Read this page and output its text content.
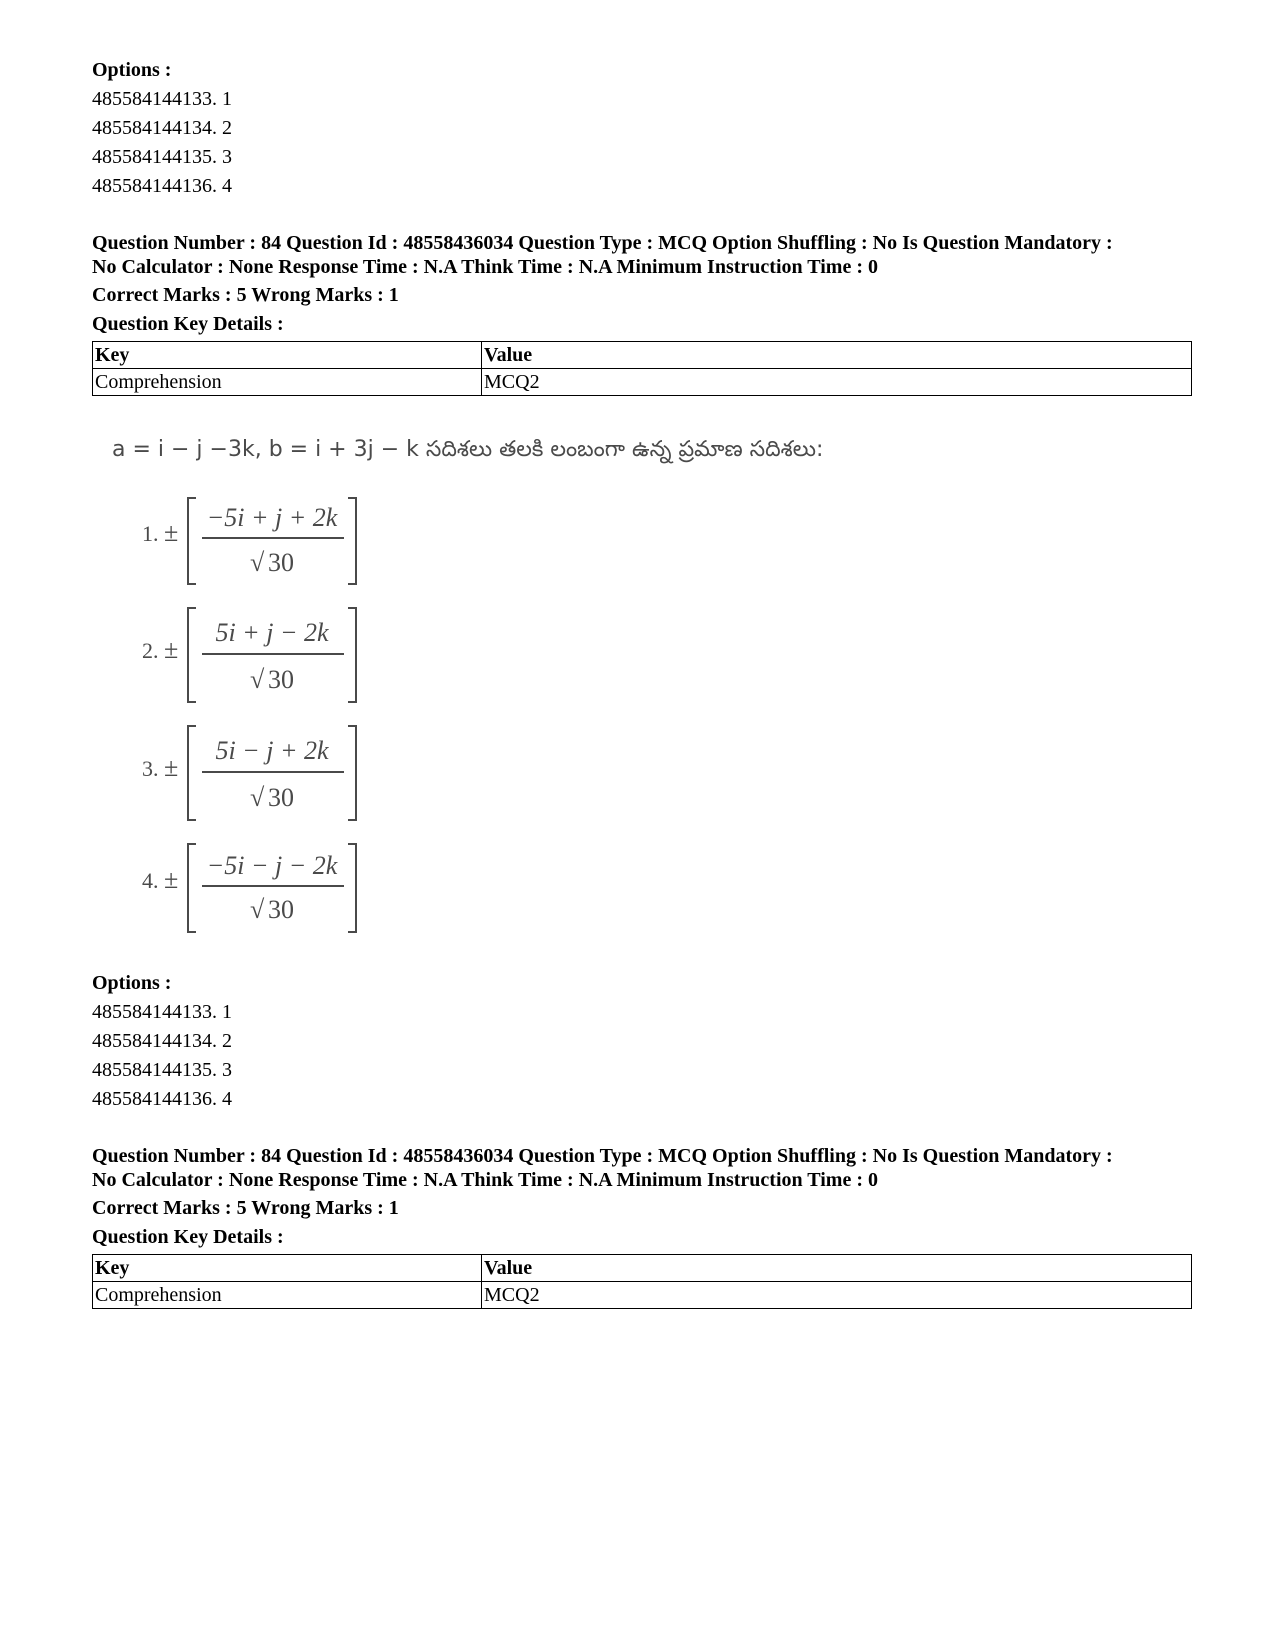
Options :
485584144133. 1
485584144134. 2
485584144135. 3
485584144136. 4
Question Number : 84 Question Id : 48558436034 Question Type : MCQ Option Shuffling : No Is Question Mandatory :
No Calculator : None Response Time : N.A Think Time : N.A Minimum Instruction Time : 0
Correct Marks : 5 Wrong Marks : 1
Question Key Details :
Key	Value
Comprehension	MCQ2
a = i − j −3k, b = i + 3j − k సదిశలు తలకి లంబంగా ఉన్న ప్రమాణ సదిశలు:
1. ±
−5i + j + 2k
√ 30
2. ±
5i + j − 2k
√ 30
3. ±
5i − j + 2k
√ 30
4. ± −5i − j − 2k
√ 30
Options :
485584144133. 1
485584144134. 2
485584144135. 3
485584144136. 4
Question Number : 84 Question Id : 48558436034 Question Type : MCQ Option Shuffling : No Is Question Mandatory :
No Calculator : None Response Time : N.A Think Time : N.A Minimum Instruction Time : 0
Correct Marks : 5 Wrong Marks : 1
Question Key Details :
Key	Value
Comprehension	MCQ2
